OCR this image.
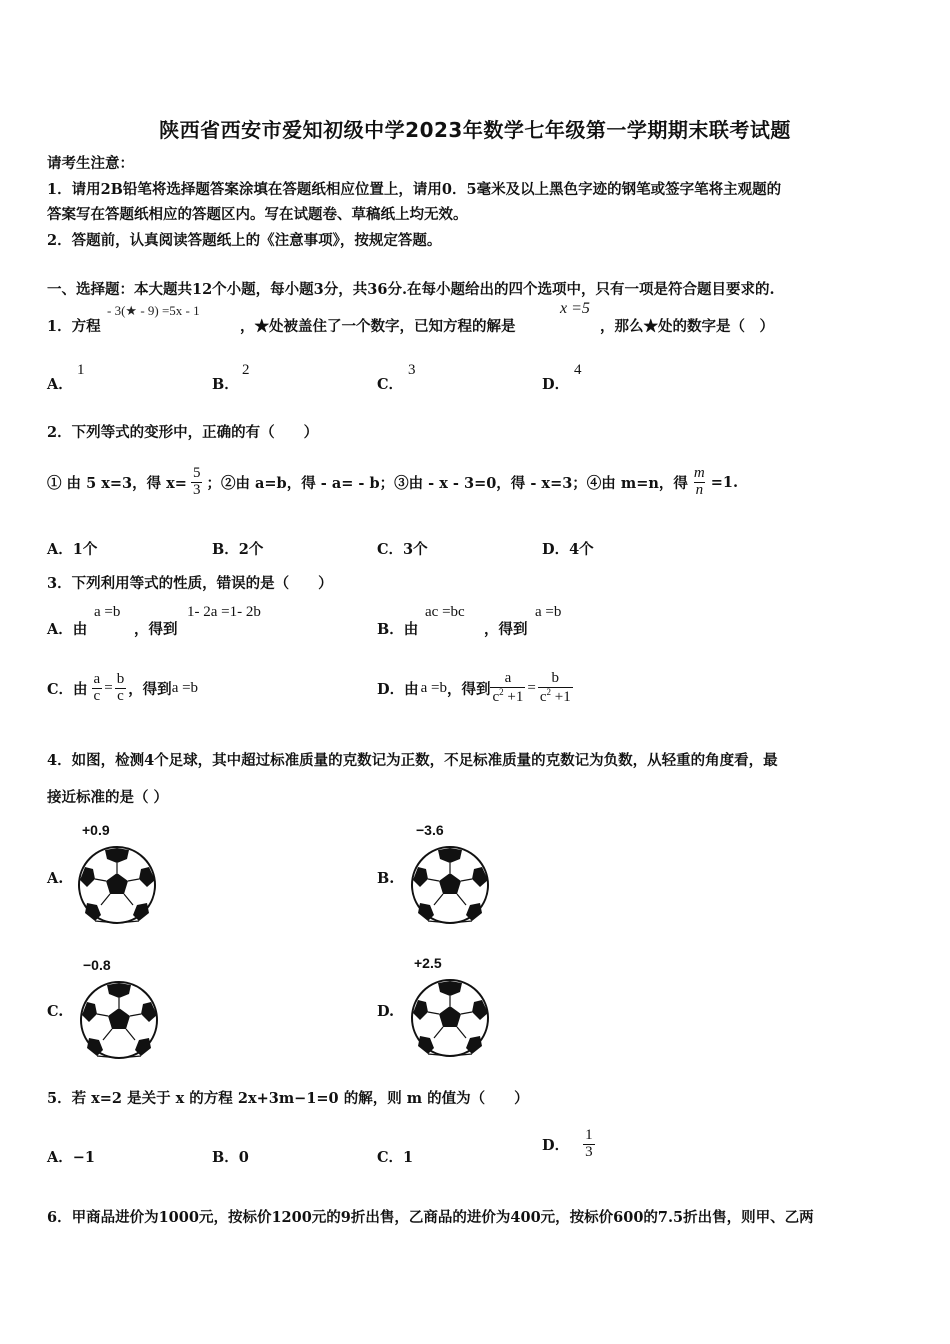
陕西省西安市爱知初级中学2023年数学七年级第一学期期末联考试题
请考生注意：
1．请用2B铅笔将选择题答案涂填在答题纸相应位置上，请用0．5毫米及以上黑色字迹的钢笔或签字笔将主观题的
答案写在答题纸相应的答题区内。写在试题卷、草稿纸上均无效。
2．答题前，认真阅读答题纸上的《注意事项》，按规定答题。
一、选择题：本大题共12个小题，每小题3分，共36分.在每小题给出的四个选项中，只有一项是符合题目要求的.
1．方程
- 3(★ - 9) =5x - 1
，★处被盖住了一个数字，已知方程的解是
x =5
，那么★处的数字是（　）
A．
1
B．
2
C．
3
D．
4
2．下列等式的变形中，正确的有（　　）
① 由 5 x=3，得 $x= \frac{5}{3}$ ；②由 a=b，得 - a= - b；③由 - x - 3=0，得 - x=3；④由 m=n，得 $\frac{m}{n} =1$.
A．1个	B．2个	C．3个	D．4个
3．下列利用等式的性质，错误的是（　　）
A．由
a =b
，得到
1- 2a =1- 2b
B．由
ac =bc
，得到
a =b
C．由 $\frac{a}{c} = \frac{b}{c}$ ，得到 a =b	D．由 a =b ，得到 $\frac{a}{c^2 +1} = \frac{b}{c^2 +1}$
4．如图，检测4个足球，其中超过标准质量的克数记为正数，不足标准质量的克数记为负数，从轻重的角度看，最
接近标准的是（ ）
A.
+0.9
B.
−3.6
C.
−0.8
D.
+2.5
5．若 x=2 是关于 x 的方程 2x+3m−1=0 的解，则 m 的值为（　　）
A．−1	B．0	C．1
D． $\frac{1}{3}$
6．甲商品进价为1000元，按标价1200元的9折出售，乙商品的进价为400元，按标价600的7.5折出售，则甲、乙两
